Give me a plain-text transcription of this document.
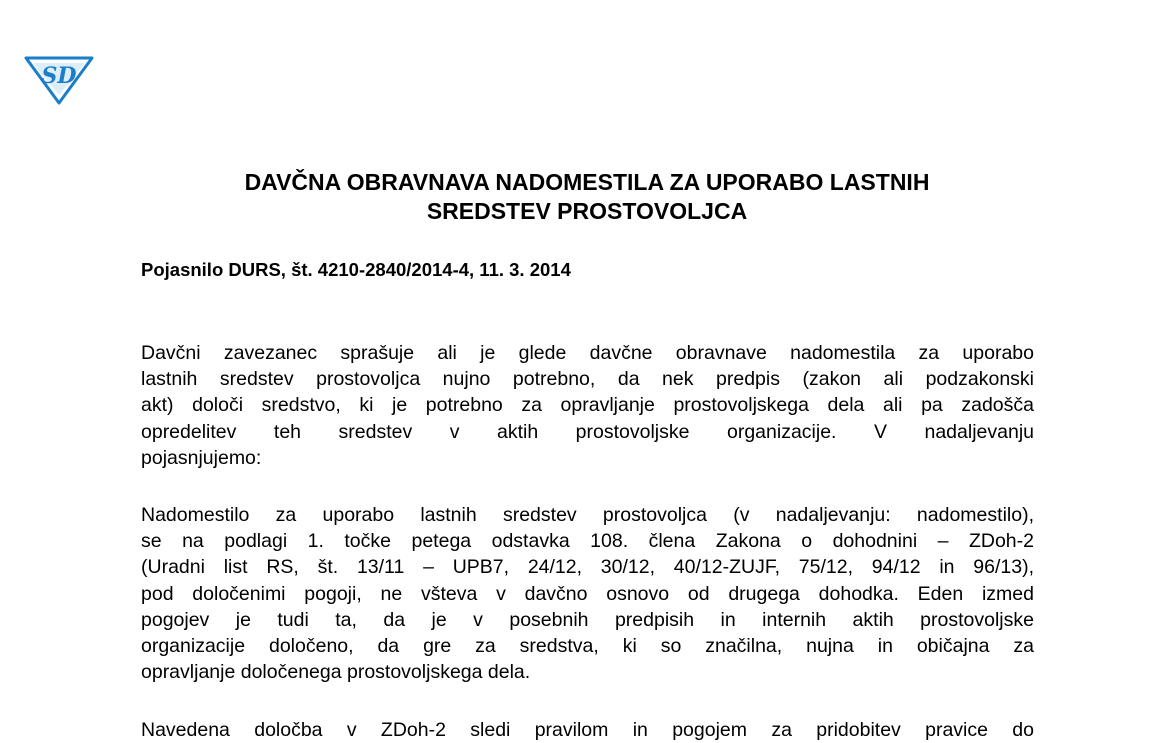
SD
DAVČNA OBRAVNAVA NADOMESTILA ZA UPORABO LASTNIH
SREDSTEV PROSTOVOLJCA

Pojasnilo DURS, št. 4210-2840/2014-4, 11. 3. 2014

Davčni zavezanec sprašuje ali je glede davčne obravnave nadomestila za uporabo
lastnih sredstev prostovoljca nujno potrebno, da nek predpis (zakon ali podzakonski
akt) določi sredstvo, ki je potrebno za opravljanje prostovoljskega dela ali pa zadošča
opredelitev teh sredstev v aktih prostovoljske organizacije. V nadaljevanju
pojasnjujemo:
Nadomestilo za uporabo lastnih sredstev prostovoljca (v nadaljevanju: nadomestilo),
se na podlagi 1. točke petega odstavka 108. člena Zakona o dohodnini – ZDoh-2
(Uradni list RS, št. 13/11 – UPB7, 24/12, 30/12, 40/12-ZUJF, 75/12, 94/12 in 96/13),
pod določenimi pogoji, ne všteva v davčno osnovo od drugega dohodka. Eden izmed
pogojev je tudi ta, da je v posebnih predpisih in internih aktih prostovoljske
organizacije določeno, da gre za sredstva, ki so značilna, nujna in običajna za
opravljanje določenega prostovoljskega dela.
Navedena določba v ZDoh-2 sledi pravilom in pogojem za pridobitev pravice do
